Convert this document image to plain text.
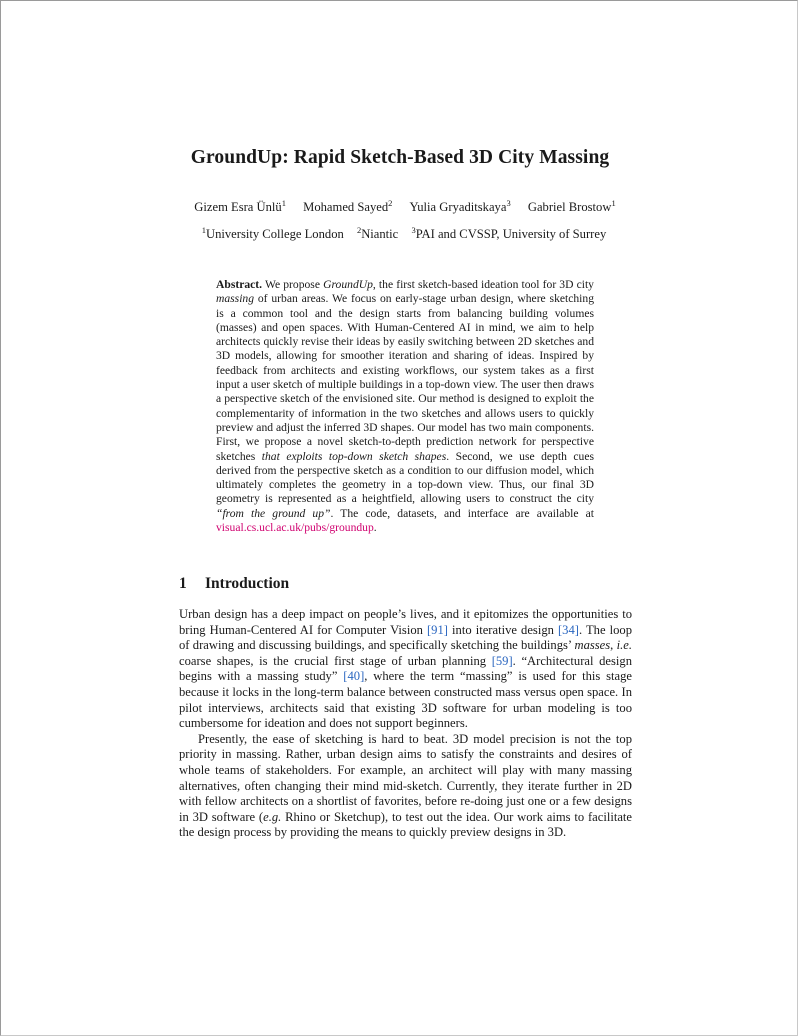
GroundUp: Rapid Sketch-Based 3D City Massing
Gizem Esra Ünlü$^1$ Mohamed Sayed$^2$ Yulia Gryaditskaya$^3$ Gabriel Brostow$^1$
$^1$University College London $^2$Niantic $^3$PAI and CVSSP, University of Surrey
Abstract. We propose GroundUp, the first sketch-based ideation tool for 3D city massing of urban areas. We focus on early-stage urban design, where sketching is a common tool and the design starts from balancing building volumes (masses) and open spaces. With Human-Centered AI in mind, we aim to help architects quickly revise their ideas by easily switching between 2D sketches and 3D models, allowing for smoother iteration and sharing of ideas. Inspired by feedback from architects and existing workflows, our system takes as a first input a user sketch of multiple buildings in a top-down view. The user then draws a perspective sketch of the envisioned site. Our method is designed to exploit the complementarity of information in the two sketches and allows users to quickly preview and adjust the inferred 3D shapes. Our model has two main components. First, we propose a novel sketch-to-depth prediction network for perspective sketches that exploits top-down sketch shapes. Second, we use depth cues derived from the perspective sketch as a condition to our diffusion model, which ultimately completes the geometry in a top-down view. Thus, our final 3D geometry is represented as a heightfield, allowing users to construct the city “from the ground up”. The code, datasets, and interface are available at visual.cs.ucl.ac.uk/pubs/groundup.
1 Introduction

Urban design has a deep impact on people’s lives, and it epitomizes the opportunities to bring Human-Centered AI for Computer Vision [91] into iterative design [34]. The loop of drawing and discussing buildings, and specifically sketching the buildings’ masses, i.e. coarse shapes, is the crucial first stage of urban planning [59]. “Architectural design begins with a massing study” [40], where the term “massing” is used for this stage because it locks in the long-term balance between constructed mass versus open space. In pilot interviews, architects said that existing 3D software for urban modeling is too cumbersome for ideation and does not support beginners.

Presently, the ease of sketching is hard to beat. 3D model precision is not the top priority in massing. Rather, urban design aims to satisfy the constraints and desires of whole teams of stakeholders. For example, an architect will play with many massing alternatives, often changing their mind mid-sketch. Currently, they iterate further in 2D with fellow architects on a shortlist of favorites, before re-doing just one or a few designs in 3D software (e.g. Rhino or Sketchup), to test out the idea. Our work aims to facilitate the design process by providing the means to quickly preview designs in 3D.
